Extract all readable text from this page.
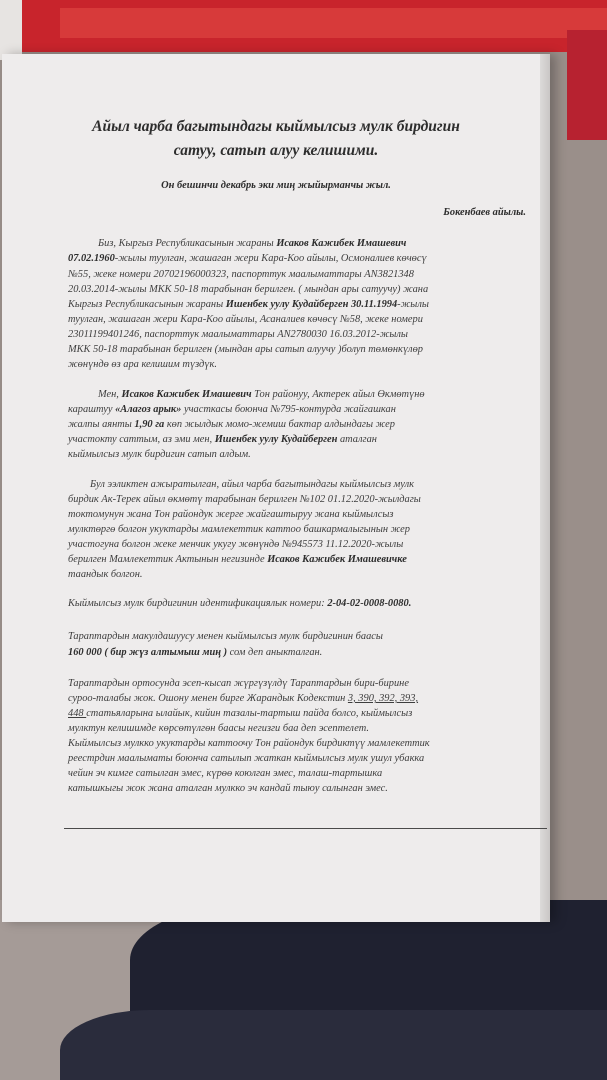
Айыл чарба багытындагы кыймылсыз мулк бирдигин
сатуу, сатып алуу келишими.
Он бешинчи декабрь эки миң жыйырманчы жыл.
Бокенбаев айылы.
Биз, Кыргыз Республикасынын жараны Исаков Кажибек Имашевич
07.02.1960-жылы туулган, жашаган жери Кара-Коо айылы, Осмоналиев көчөсү
№55, жеке номери 20702196000323, паспорттук маалыматтары AN3821348
20.03.2014-жылы МКК 50-18 тарабынан берилген. ( мындан ары сатуучу) жана
Кыргыз Республикасынын жараны Ишенбек уулу Кудайберген 30.11.1994-жылы
туулган, жашаган жери Кара-Коо айылы, Асаналиев көчөсү №58, жеке номери
23011199401246, паспорттук маалыматтары AN2780030 16.03.2012-жылы
МКК 50-18 тарабынан берилген (мындан ары сатып алуучу )болуп төмөнкүлөр
жөнүндө өз ара келишим түздүк.
Мен, Исаков Кажибек Имашевич Тон районуу, Актерек айыл Өкмөтүнө
караштуу «Алагоз арык» участкасы боюнча №795-контурда жайгашкан
жалпы аянты 1,90 га көп жылдык момо-жемиш бактар алдындагы жер
участокту саттым, аз эми мен, Ишенбек уулу Кудайберген аталган
кыймылсыз мулк бирдигин сатып алдым.
Бул ээликтен ажыратылган, айыл чарба багытындагы кыймылсыз мулк
бирдик Ак-Терек айыл өкмөтү тарабынан берилген №102 01.12.2020-жылдагы
токтомунун жана Тон райондук жерге жайгаштыруу жана кыймылсыз
мулктөргө болгон укуктарды мамлекеттик каттоо башкармалыгынын жер
участогуна болгон жеке менчик укугу жөнүндө №945573 11.12.2020-жылы
берилген Мамлекеттик Актынын негизинде Исаков Кажибек Имашевичке
таандык болгон.
Кыймылсыз мулк бирдигинин идентификациялык номери: 2-04-02-0008-0080.
Тараптардын макулдашуусу менен кыймылсыз мулк бирдигинин баасы
160 000 ( бир жүз алтымыш миң ) сом деп аныкталган.
Тараптардын ортосунда эсеп-кысап жүргүзүлдү Тараптардын бири-бирине
суроо-талабы жок. Ошону менен бирге Жарандык Кодекстин 3, 390, 392, 393,
448 статьяларына ылайык, кийин тазалы-тартыш пайда болсо, кыймылсыз
мулктун келишимде көрсөтүлгөн баасы негизги баа деп эсептелет.
Кыймылсыз мулкко укуктарды каттоочу Тон райондук бирдиктүү мамлекеттик
реестрдин маалыматы боюнча сатылып жаткан кыймылсыз мулк ушул убакка
чейин эч кимге сатылган эмес, күрөө коюлган эмес, талаш-тартышка
катышкыгы жок жана аталган мулкко эч кандай тыюу салынган эмес.
